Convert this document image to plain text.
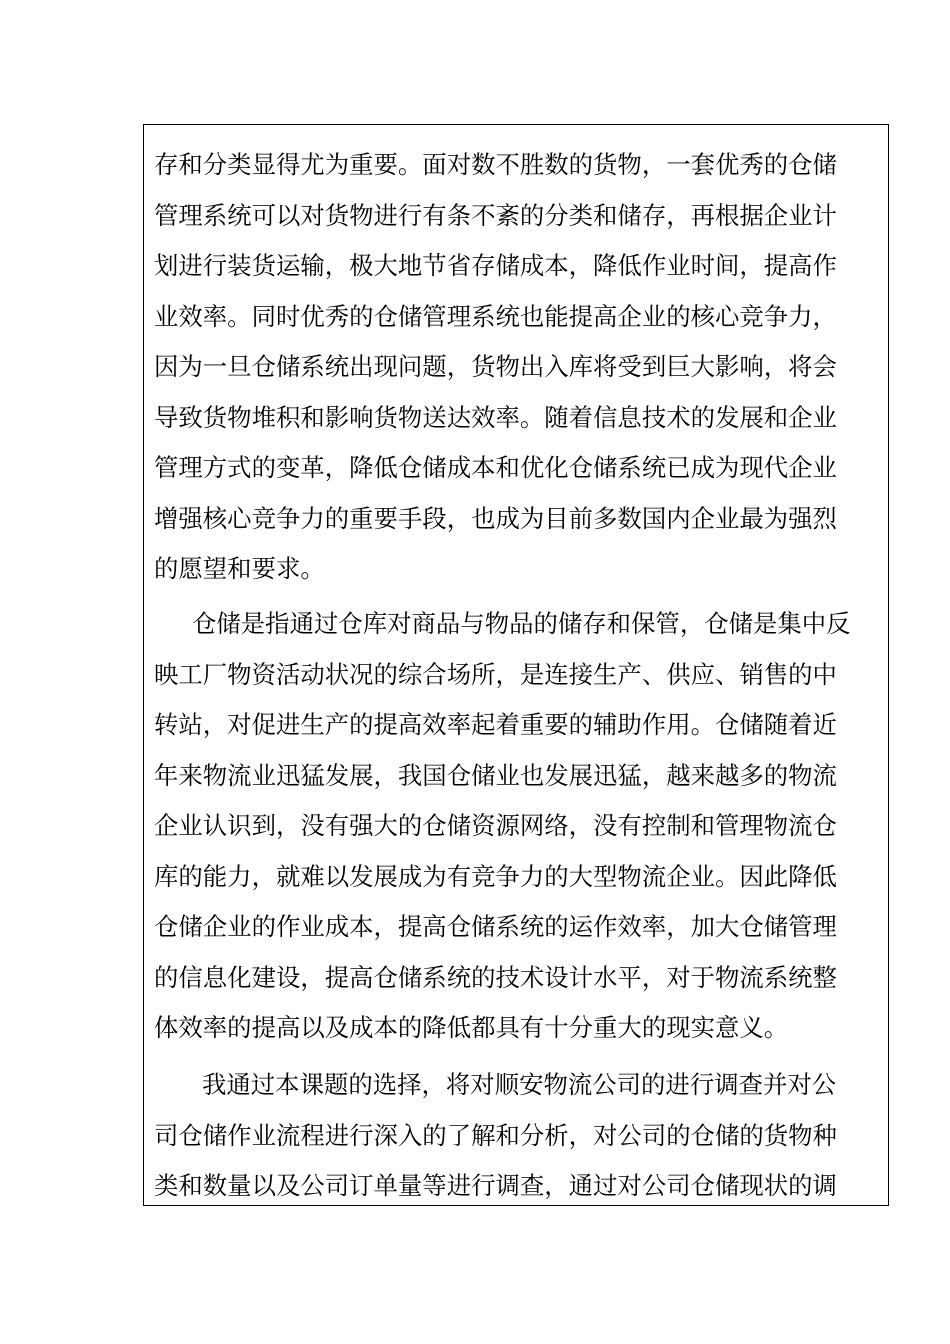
存和分类显得尤为重要。面对数不胜数的货物，一套优秀的仓储
管理系统可以对货物进行有条不紊的分类和储存，再根据企业计
划进行装货运输，极大地节省存储成本，降低作业时间，提高作
业效率。同时优秀的仓储管理系统也能提高企业的核心竞争力，
因为一旦仓储系统出现问题，货物出入库将受到巨大影响，将会
导致货物堆积和影响货物送达效率。随着信息技术的发展和企业
管理方式的变革，降低仓储成本和优化仓储系统已成为现代企业
增强核心竞争力的重要手段，也成为目前多数国内企业最为强烈
的愿望和要求。
仓储是指通过仓库对商品与物品的储存和保管，仓储是集中反
映工厂物资活动状况的综合场所，是连接生产、供应、销售的中
转站，对促进生产的提高效率起着重要的辅助作用。仓储随着近
年来物流业迅猛发展，我国仓储业也发展迅猛，越来越多的物流
企业认识到，没有强大的仓储资源网络，没有控制和管理物流仓
库的能力，就难以发展成为有竞争力的大型物流企业。因此降低
仓储企业的作业成本，提高仓储系统的运作效率，加大仓储管理
的信息化建设，提高仓储系统的技术设计水平，对于物流系统整
体效率的提高以及成本的降低都具有十分重大的现实意义。
我通过本课题的选择，将对顺安物流公司的进行调查并对公
司仓储作业流程进行深入的了解和分析，对公司的仓储的货物种
类和数量以及公司订单量等进行调查，通过对公司仓储现状的调
